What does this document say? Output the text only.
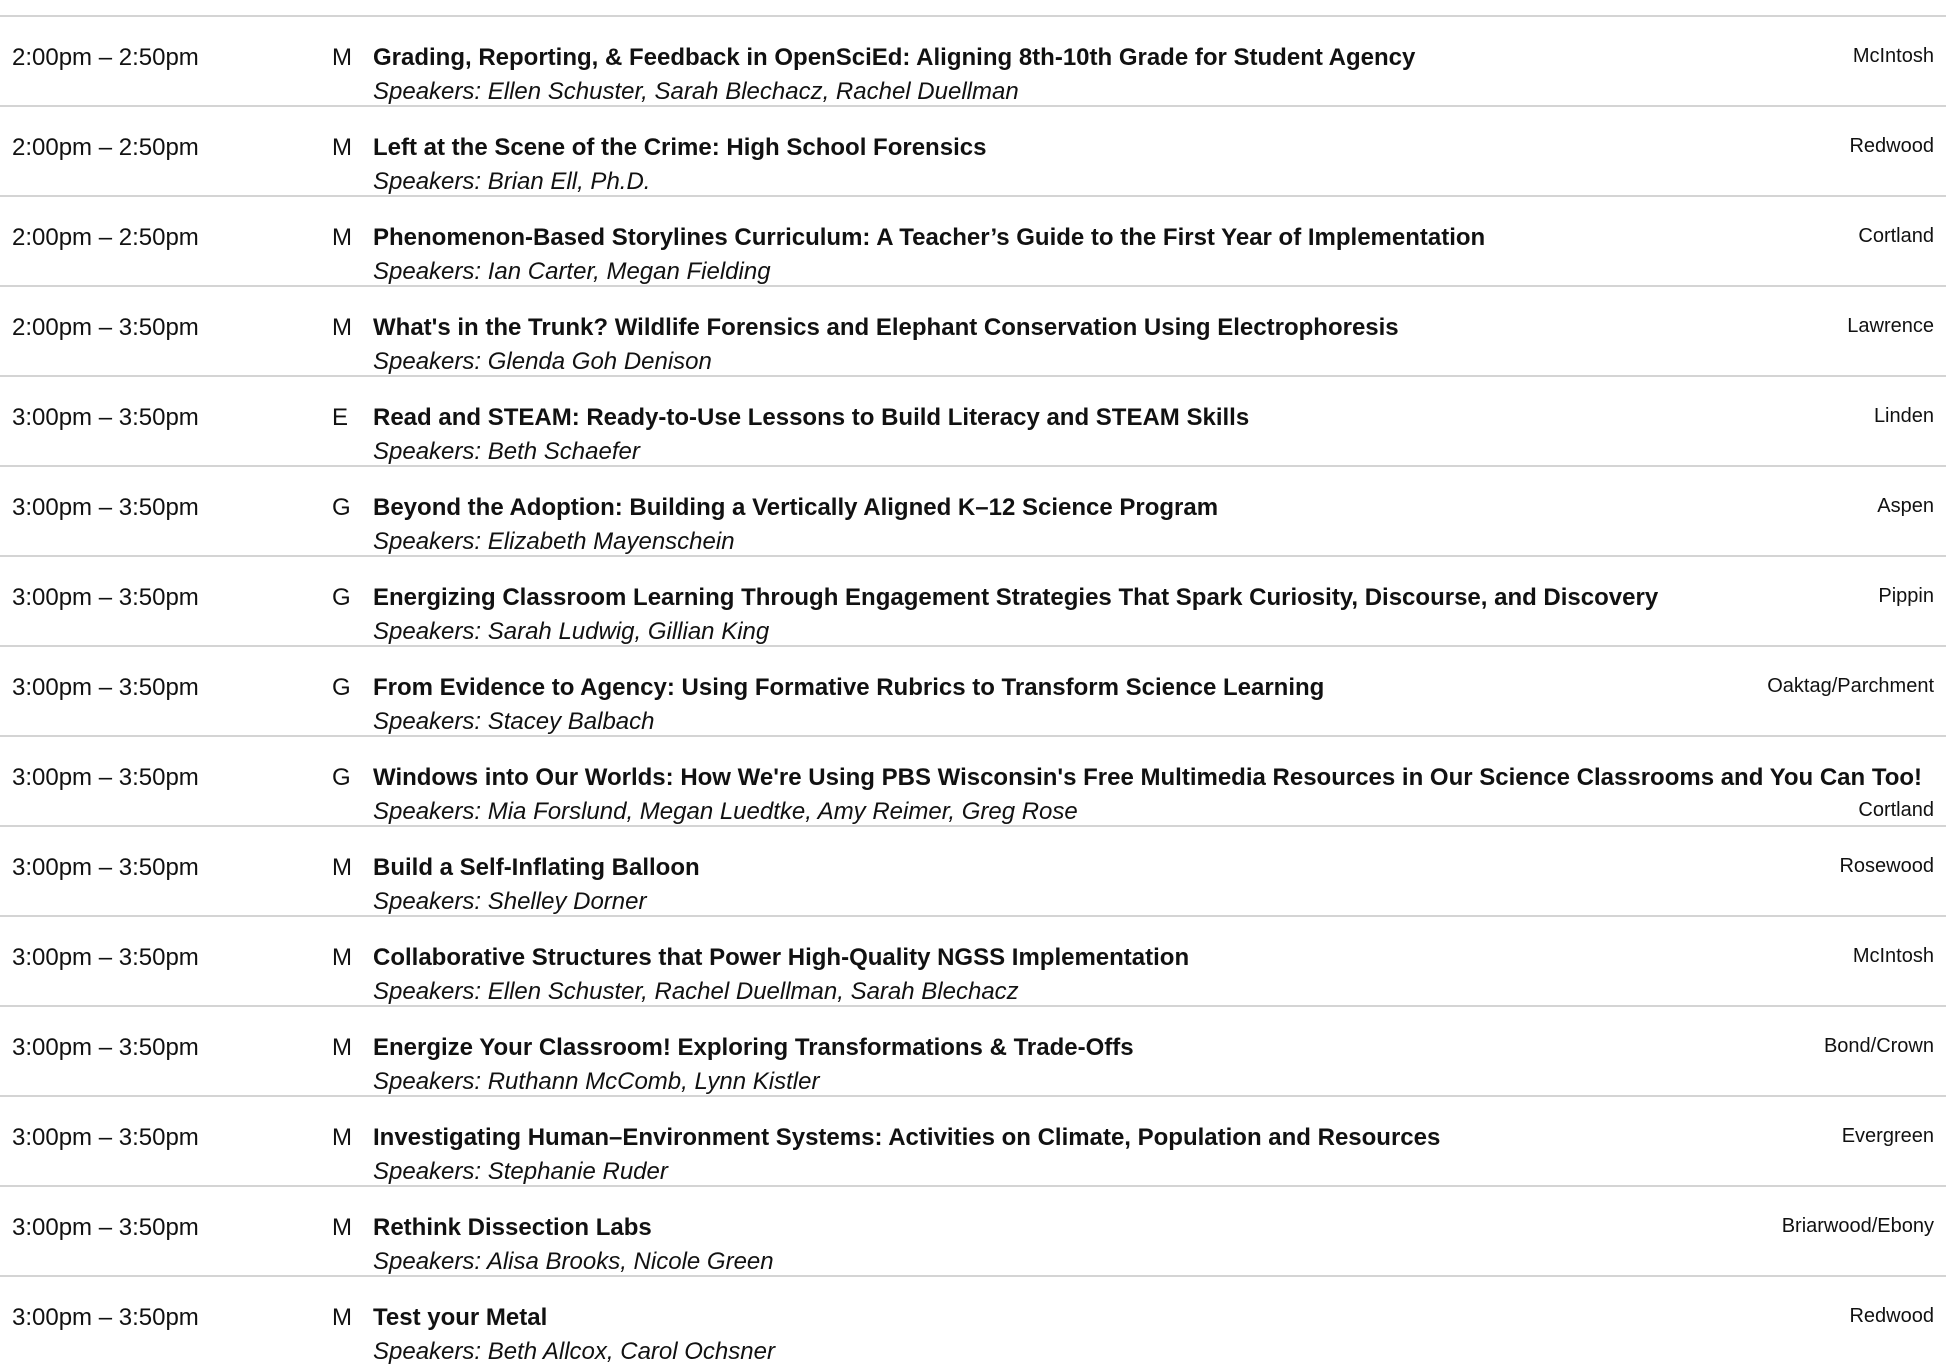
2:00pm – 2:50pm	M Grading, Reporting, & Feedback in OpenSciEd: Aligning 8th-10th Grade for Student Agency
Speakers: Ellen Schuster, Sarah Blechacz, Rachel Duellman
McIntosh
2:00pm – 2:50pm	M Left at the Scene of the Crime: High School Forensics
Speakers: Brian Ell, Ph.D.
Redwood
2:00pm – 2:50pm	M Phenomenon-Based Storylines Curriculum: A Teacher’s Guide to the First Year of Implementation
Speakers: Ian Carter, Megan Fielding
Cortland
2:00pm – 3:50pm	M What's in the Trunk? Wildlife Forensics and Elephant Conservation Using Electrophoresis
Speakers: Glenda Goh Denison
Lawrence
3:00pm – 3:50pm	E Read and STEAM: Ready-to-Use Lessons to Build Literacy and STEAM Skills
Speakers: Beth Schaefer
Linden
3:00pm – 3:50pm	G Beyond the Adoption: Building a Vertically Aligned K–12 Science Program
Speakers: Elizabeth Mayenschein
Aspen
3:00pm – 3:50pm	G Energizing Classroom Learning Through Engagement Strategies That Spark Curiosity, Discourse, and Discovery
Speakers: Sarah Ludwig, Gillian King
Pippin
3:00pm – 3:50pm	G From Evidence to Agency: Using Formative Rubrics to Transform Science Learning
Speakers: Stacey Balbach
Oaktag/Parchment
3:00pm – 3:50pm	G Windows into Our Worlds: How We're Using PBS Wisconsin's Free Multimedia Resources in Our Science Classrooms and You Can Too!
Speakers: Mia Forslund, Megan Luedtke, Amy Reimer, Greg Rose	Cortland
3:00pm – 3:50pm	M Build a Self-Inflating Balloon
Speakers: Shelley Dorner
Rosewood
3:00pm – 3:50pm	M Collaborative Structures that Power High-Quality NGSS Implementation
Speakers: Ellen Schuster, Rachel Duellman, Sarah Blechacz
McIntosh
3:00pm – 3:50pm	M Energize Your Classroom! Exploring Transformations & Trade-Offs
Speakers: Ruthann McComb, Lynn Kistler
Bond/Crown
3:00pm – 3:50pm	M Investigating Human–Environment Systems: Activities on Climate, Population and Resources
Speakers: Stephanie Ruder
Evergreen
3:00pm – 3:50pm	M Rethink Dissection Labs
Speakers: Alisa Brooks, Nicole Green
Briarwood/Ebony
3:00pm – 3:50pm	M Test your Metal
Speakers: Beth Allcox, Carol Ochsner
Redwood
